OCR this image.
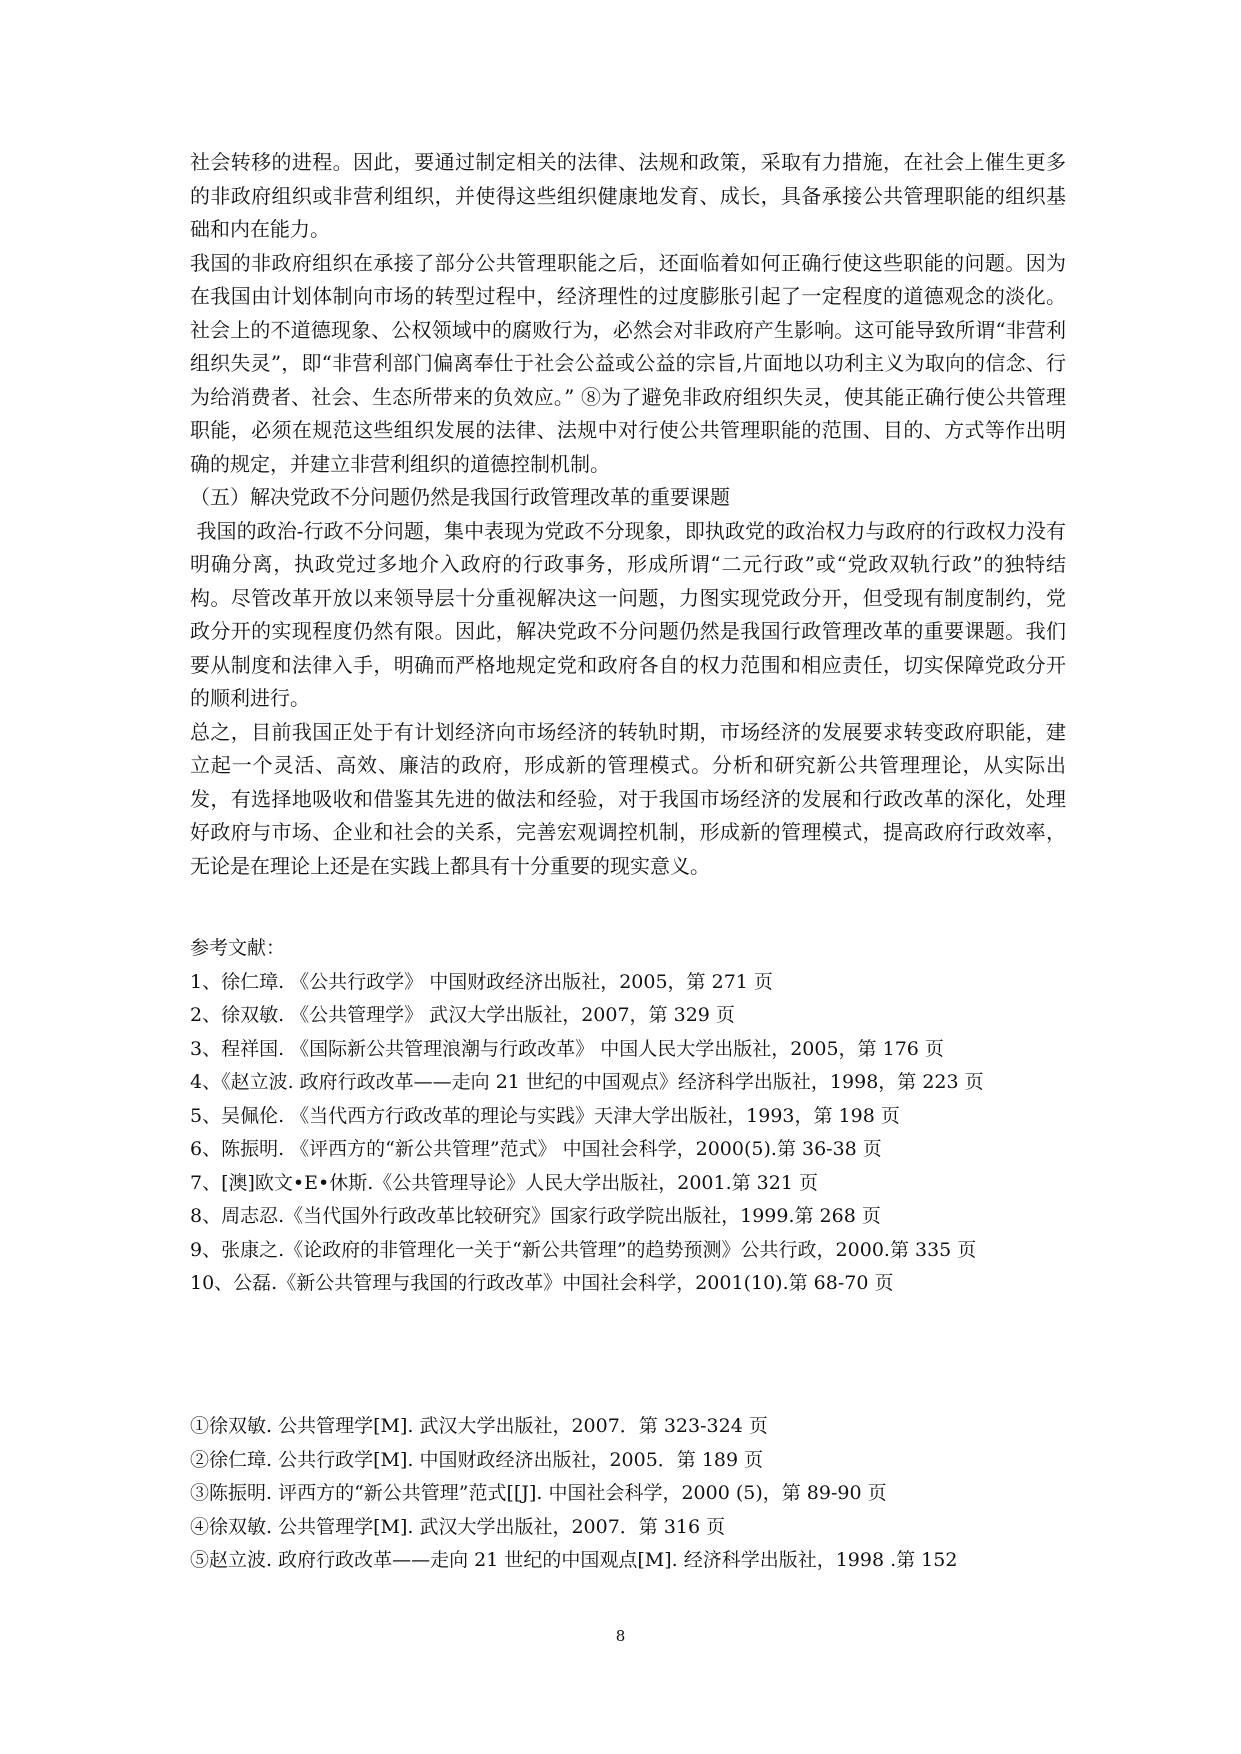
社会转移的进程。因此，要通过制定相关的法律、法规和政策，采取有力措施，在社会上催生更多的非政府组织或非营利组织，并使得这些组织健康地发育、成长，具备承接公共管理职能的组织基础和内在能力。

我国的非政府组织在承接了部分公共管理职能之后，还面临着如何正确行使这些职能的问题。因为在我国由计划体制向市场的转型过程中，经济理性的过度膨胀引起了一定程度的道德观念的淡化。社会上的不道德现象、公权领域中的腐败行为，必然会对非政府产生影响。这可能导致所谓“非营利组织失灵”，即“非营利部门偏离奉仕于社会公益或公益的宗旨,片面地以功利主义为取向的信念、行为给消费者、社会、生态所带来的负效应。” ⑧为了避免非政府组织失灵，使其能正确行使公共管理职能，必须在规范这些组织发展的法律、法规中对行使公共管理职能的范围、目的、方式等作出明确的规定，并建立非营利组织的道德控制机制。

（五）解决党政不分问题仍然是我国行政管理改革的重要课题

我国的政治-行政不分问题，集中表现为党政不分现象，即执政党的政治权力与政府的行政权力没有明确分离，执政党过多地介入政府的行政事务，形成所谓“二元行政”或“党政双轨行政”的独特结构。尽管改革开放以来领导层十分重视解决这一问题，力图实现党政分开，但受现有制度制约，党政分开的实现程度仍然有限。因此，解决党政不分问题仍然是我国行政管理改革的重要课题。我们要从制度和法律入手，明确而严格地规定党和政府各自的权力范围和相应责任，切实保障党政分开的顺利进行。

总之，目前我国正处于有计划经济向市场经济的转轨时期，市场经济的发展要求转变政府职能，建立起一个灵活、高效、廉洁的政府，形成新的管理模式。分析和研究新公共管理理论，从实际出发，有选择地吸收和借鉴其先进的做法和经验，对于我国市场经济的发展和行政改革的深化，处理好政府与市场、企业和社会的关系，完善宏观调控机制，形成新的管理模式，提高政府行政效率，无论是在理论上还是在实践上都具有十分重要的现实意义。

参考文献：
1、徐仁璋. 《公共行政学》 中国财政经济出版社，2005，第 271 页
2、徐双敏. 《公共管理学》 武汉大学出版社，2007，第 329 页
3、程祥国. 《国际新公共管理浪潮与行政改革》 中国人民大学出版社，2005，第 176 页
4、《赵立波. 政府行政改革——走向 21 世纪的中国观点》经济科学出版社，1998，第 223 页
5、吴佩伦. 《当代西方行政改革的理论与实践》天津大学出版社，1993，第 198 页
6、陈振明. 《评西方的“新公共管理”范式》 中国社会科学，2000(5).第 36-38 页
7、[澳]欧文•E•休斯.《公共管理导论》人民大学出版社，2001.第 321 页
8、周志忍.《当代国外行政改革比较研究》国家行政学院出版社，1999.第 268 页
9、张康之.《论政府的非管理化一关于“新公共管理”的趋势预测》公共行政，2000.第 335 页
10、公磊.《新公共管理与我国的行政改革》中国社会科学，2001(10).第 68-70 页
①徐双敏. 公共管理学[M]. 武汉大学出版社，2007．第 323-324 页
②徐仁璋. 公共行政学[M]. 中国财政经济出版社，2005．第 189 页
③陈振明. 评西方的“新公共管理”范式[[J]. 中国社会科学，2000 (5)，第 89-90 页
④徐双敏. 公共管理学[M]. 武汉大学出版社，2007．第 316 页
⑤赵立波. 政府行政改革——走向 21 世纪的中国观点[M]. 经济科学出版社，1998 .第 152
8
